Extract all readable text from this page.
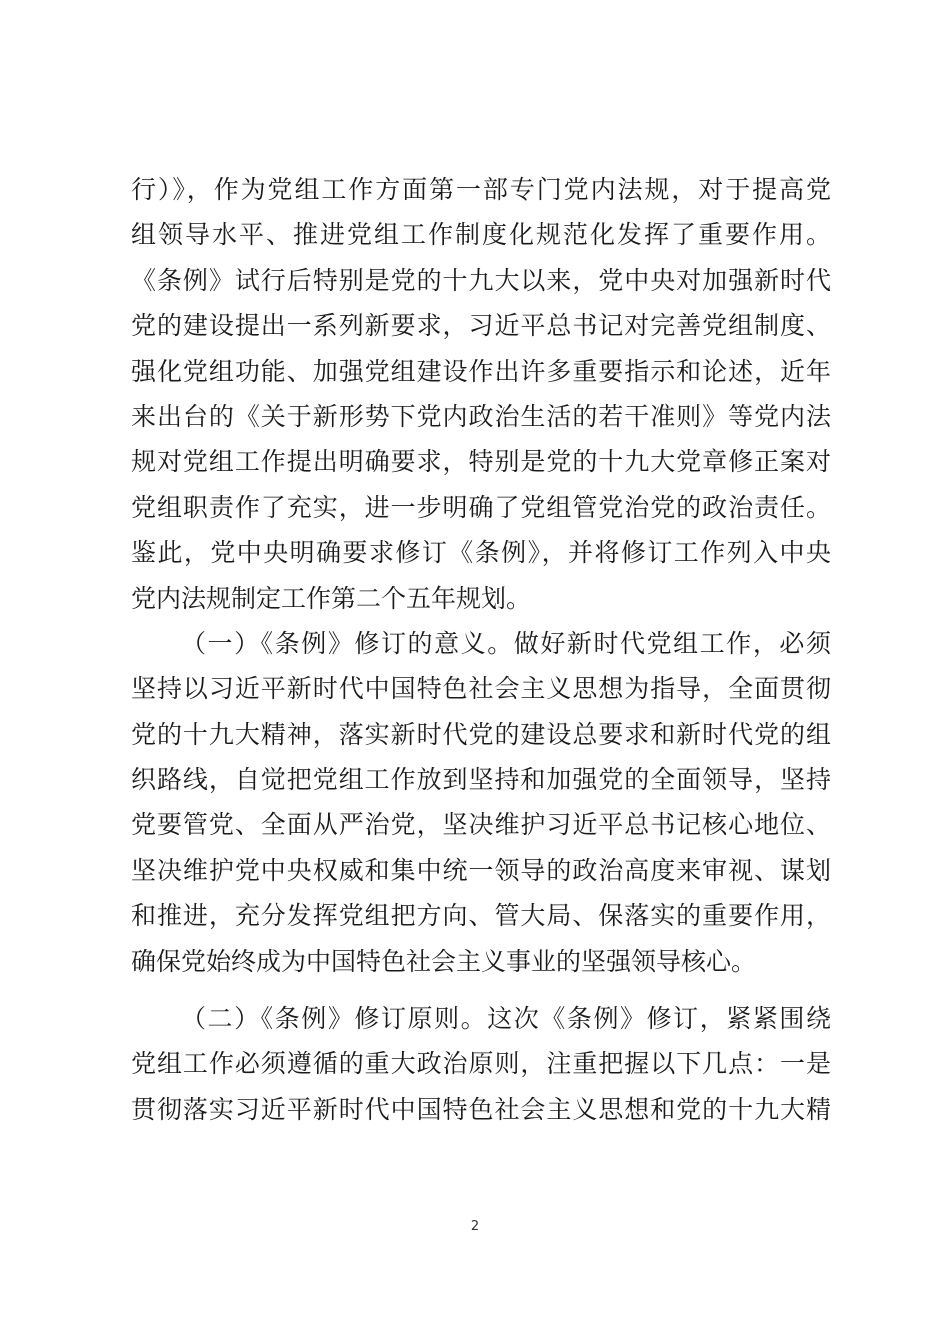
行）》，作为党组工作方面第一部专门党内法规，对于提高党
组领导水平、推进党组工作制度化规范化发挥了重要作用。
《条例》试行后特别是党的十九大以来，党中央对加强新时代
党的建设提出一系列新要求，习近平总书记对完善党组制度、
强化党组功能、加强党组建设作出许多重要指示和论述，近年
来出台的《关于新形势下党内政治生活的若干准则》等党内法
规对党组工作提出明确要求，特别是党的十九大党章修正案对
党组职责作了充实，进一步明确了党组管党治党的政治责任。
鉴此，党中央明确要求修订《条例》，并将修订工作列入中央
党内法规制定工作第二个五年规划。
（一）《条例》修订的意义。做好新时代党组工作，必须
坚持以习近平新时代中国特色社会主义思想为指导，全面贯彻
党的十九大精神，落实新时代党的建设总要求和新时代党的组
织路线，自觉把党组工作放到坚持和加强党的全面领导，坚持
党要管党、全面从严治党，坚决维护习近平总书记核心地位、
坚决维护党中央权威和集中统一领导的政治高度来审视、谋划
和推进，充分发挥党组把方向、管大局、保落实的重要作用，
确保党始终成为中国特色社会主义事业的坚强领导核心。
（二）《条例》修订原则。这次《条例》修订，紧紧围绕
党组工作必须遵循的重大政治原则，注重把握以下几点：一是
贯彻落实习近平新时代中国特色社会主义思想和党的十九大精
2
